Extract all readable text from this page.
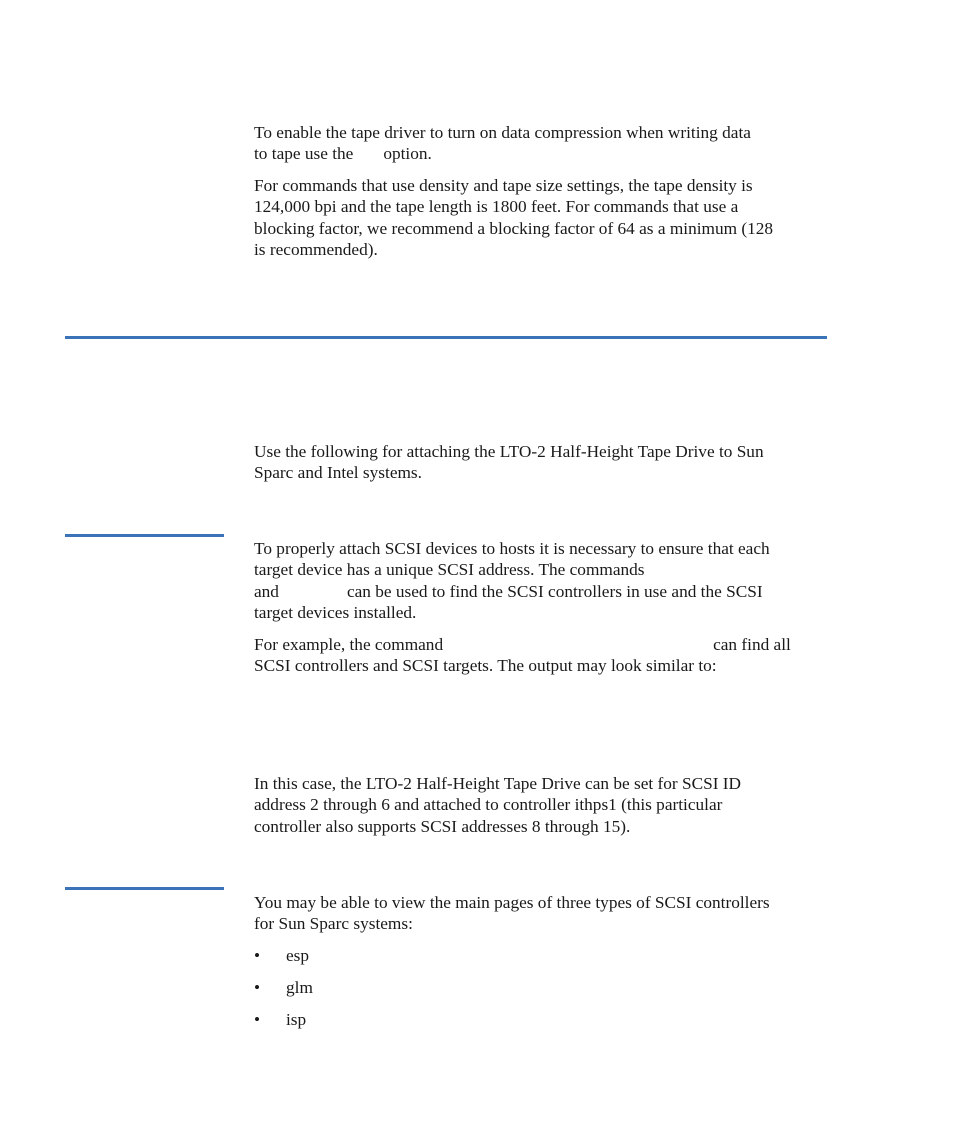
To enable the tape driver to turn on data compression when writing data
to tape use the option.

For commands that use density and tape size settings, the tape density is
124,000 bpi and the tape length is 1800 feet. For commands that use a
blocking factor, we recommend a blocking factor of 64 as a minimum (128
is recommended).

Use the following for attaching the LTO-2 Half-Height Tape Drive to Sun
Sparc and Intel systems.

To properly attach SCSI devices to hosts it is necessary to ensure that each
target device has a unique SCSI address. The commands
and	can be used to find the SCSI controllers in use and the SCSI
target devices installed.

For example, the command	can find all
SCSI controllers and SCSI targets. The output may look similar to:

In this case, the LTO-2 Half-Height Tape Drive can be set for SCSI ID
address 2 through 6 and attached to controller ithps1 (this particular
controller also supports SCSI addresses 8 through 15).

You may be able to view the main pages of three types of SCSI controllers
for Sun Sparc systems:

• esp
• glm
• isp
